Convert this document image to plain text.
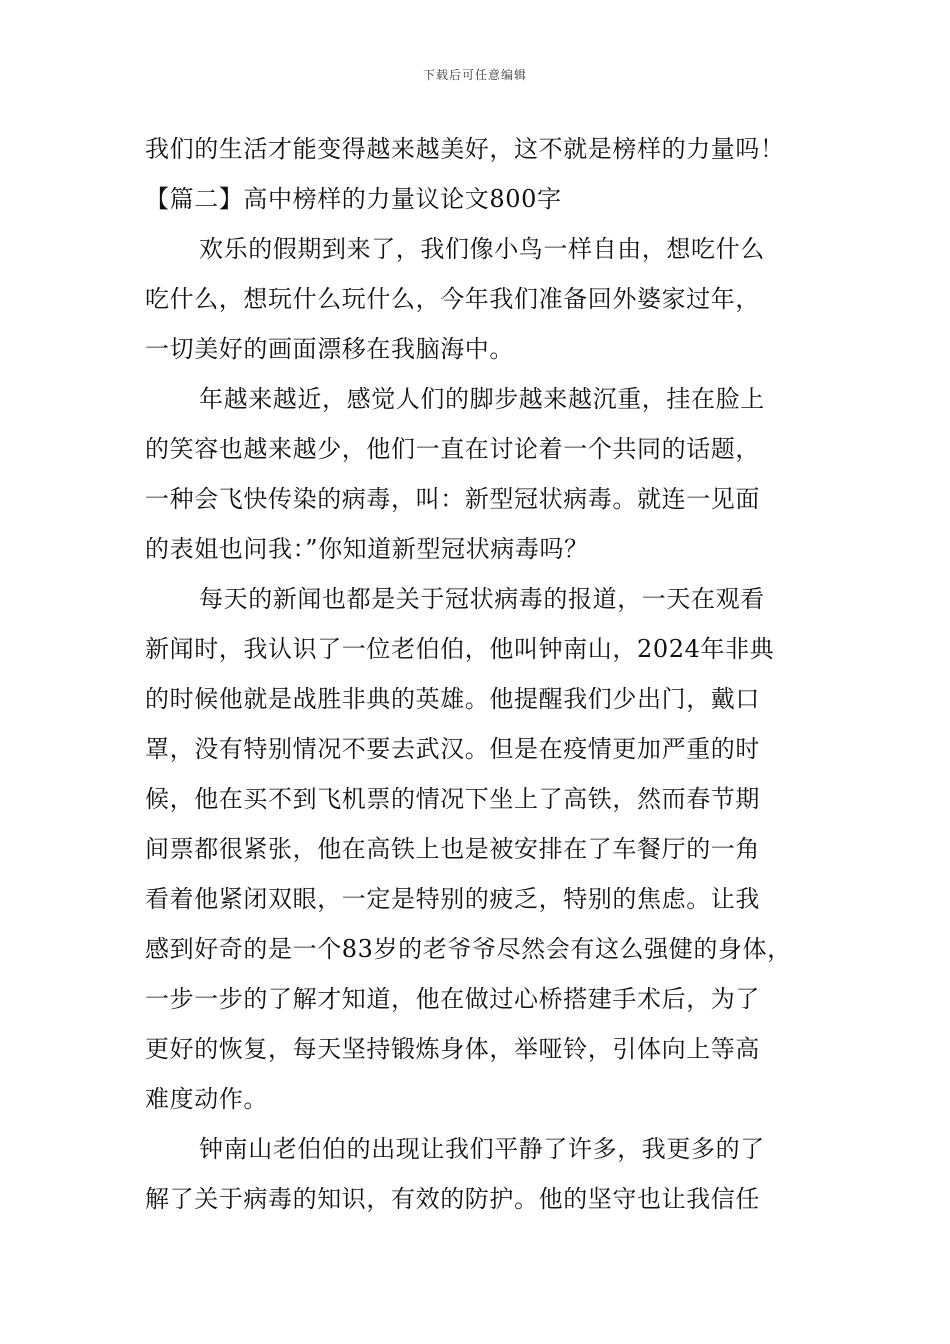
下载后可任意编辑
我们的生活才能变得越来越美好，这不就是榜样的力量吗！
【篇二】高中榜样的力量议论文800字
欢乐的假期到来了，我们像小鸟一样自由，想吃什么
吃什么，想玩什么玩什么，今年我们准备回外婆家过年，
一切美好的画面漂移在我脑海中。
年越来越近，感觉人们的脚步越来越沉重，挂在脸上
的笑容也越来越少，他们一直在讨论着一个共同的话题，
一种会飞快传染的病毒，叫：新型冠状病毒。就连一见面
的表姐也问我：”你知道新型冠状病毒吗？
每天的新闻也都是关于冠状病毒的报道，一天在观看
新闻时，我认识了一位老伯伯，他叫钟南山，2024年非典
的时候他就是战胜非典的英雄。他提醒我们少出门，戴口
罩，没有特别情况不要去武汉。但是在疫情更加严重的时
候，他在买不到飞机票的情况下坐上了高铁，然而春节期
间票都很紧张，他在高铁上也是被安排在了车餐厅的一角
看着他紧闭双眼，一定是特别的疲乏，特别的焦虑。让我
感到好奇的是一个83岁的老爷爷尽然会有这么强健的身体，
一步一步的了解才知道，他在做过心桥搭建手术后，为了
更好的恢复，每天坚持锻炼身体，举哑铃，引体向上等高
难度动作。
钟南山老伯伯的出现让我们平静了许多，我更多的了
解了关于病毒的知识，有效的防护。他的坚守也让我信任
